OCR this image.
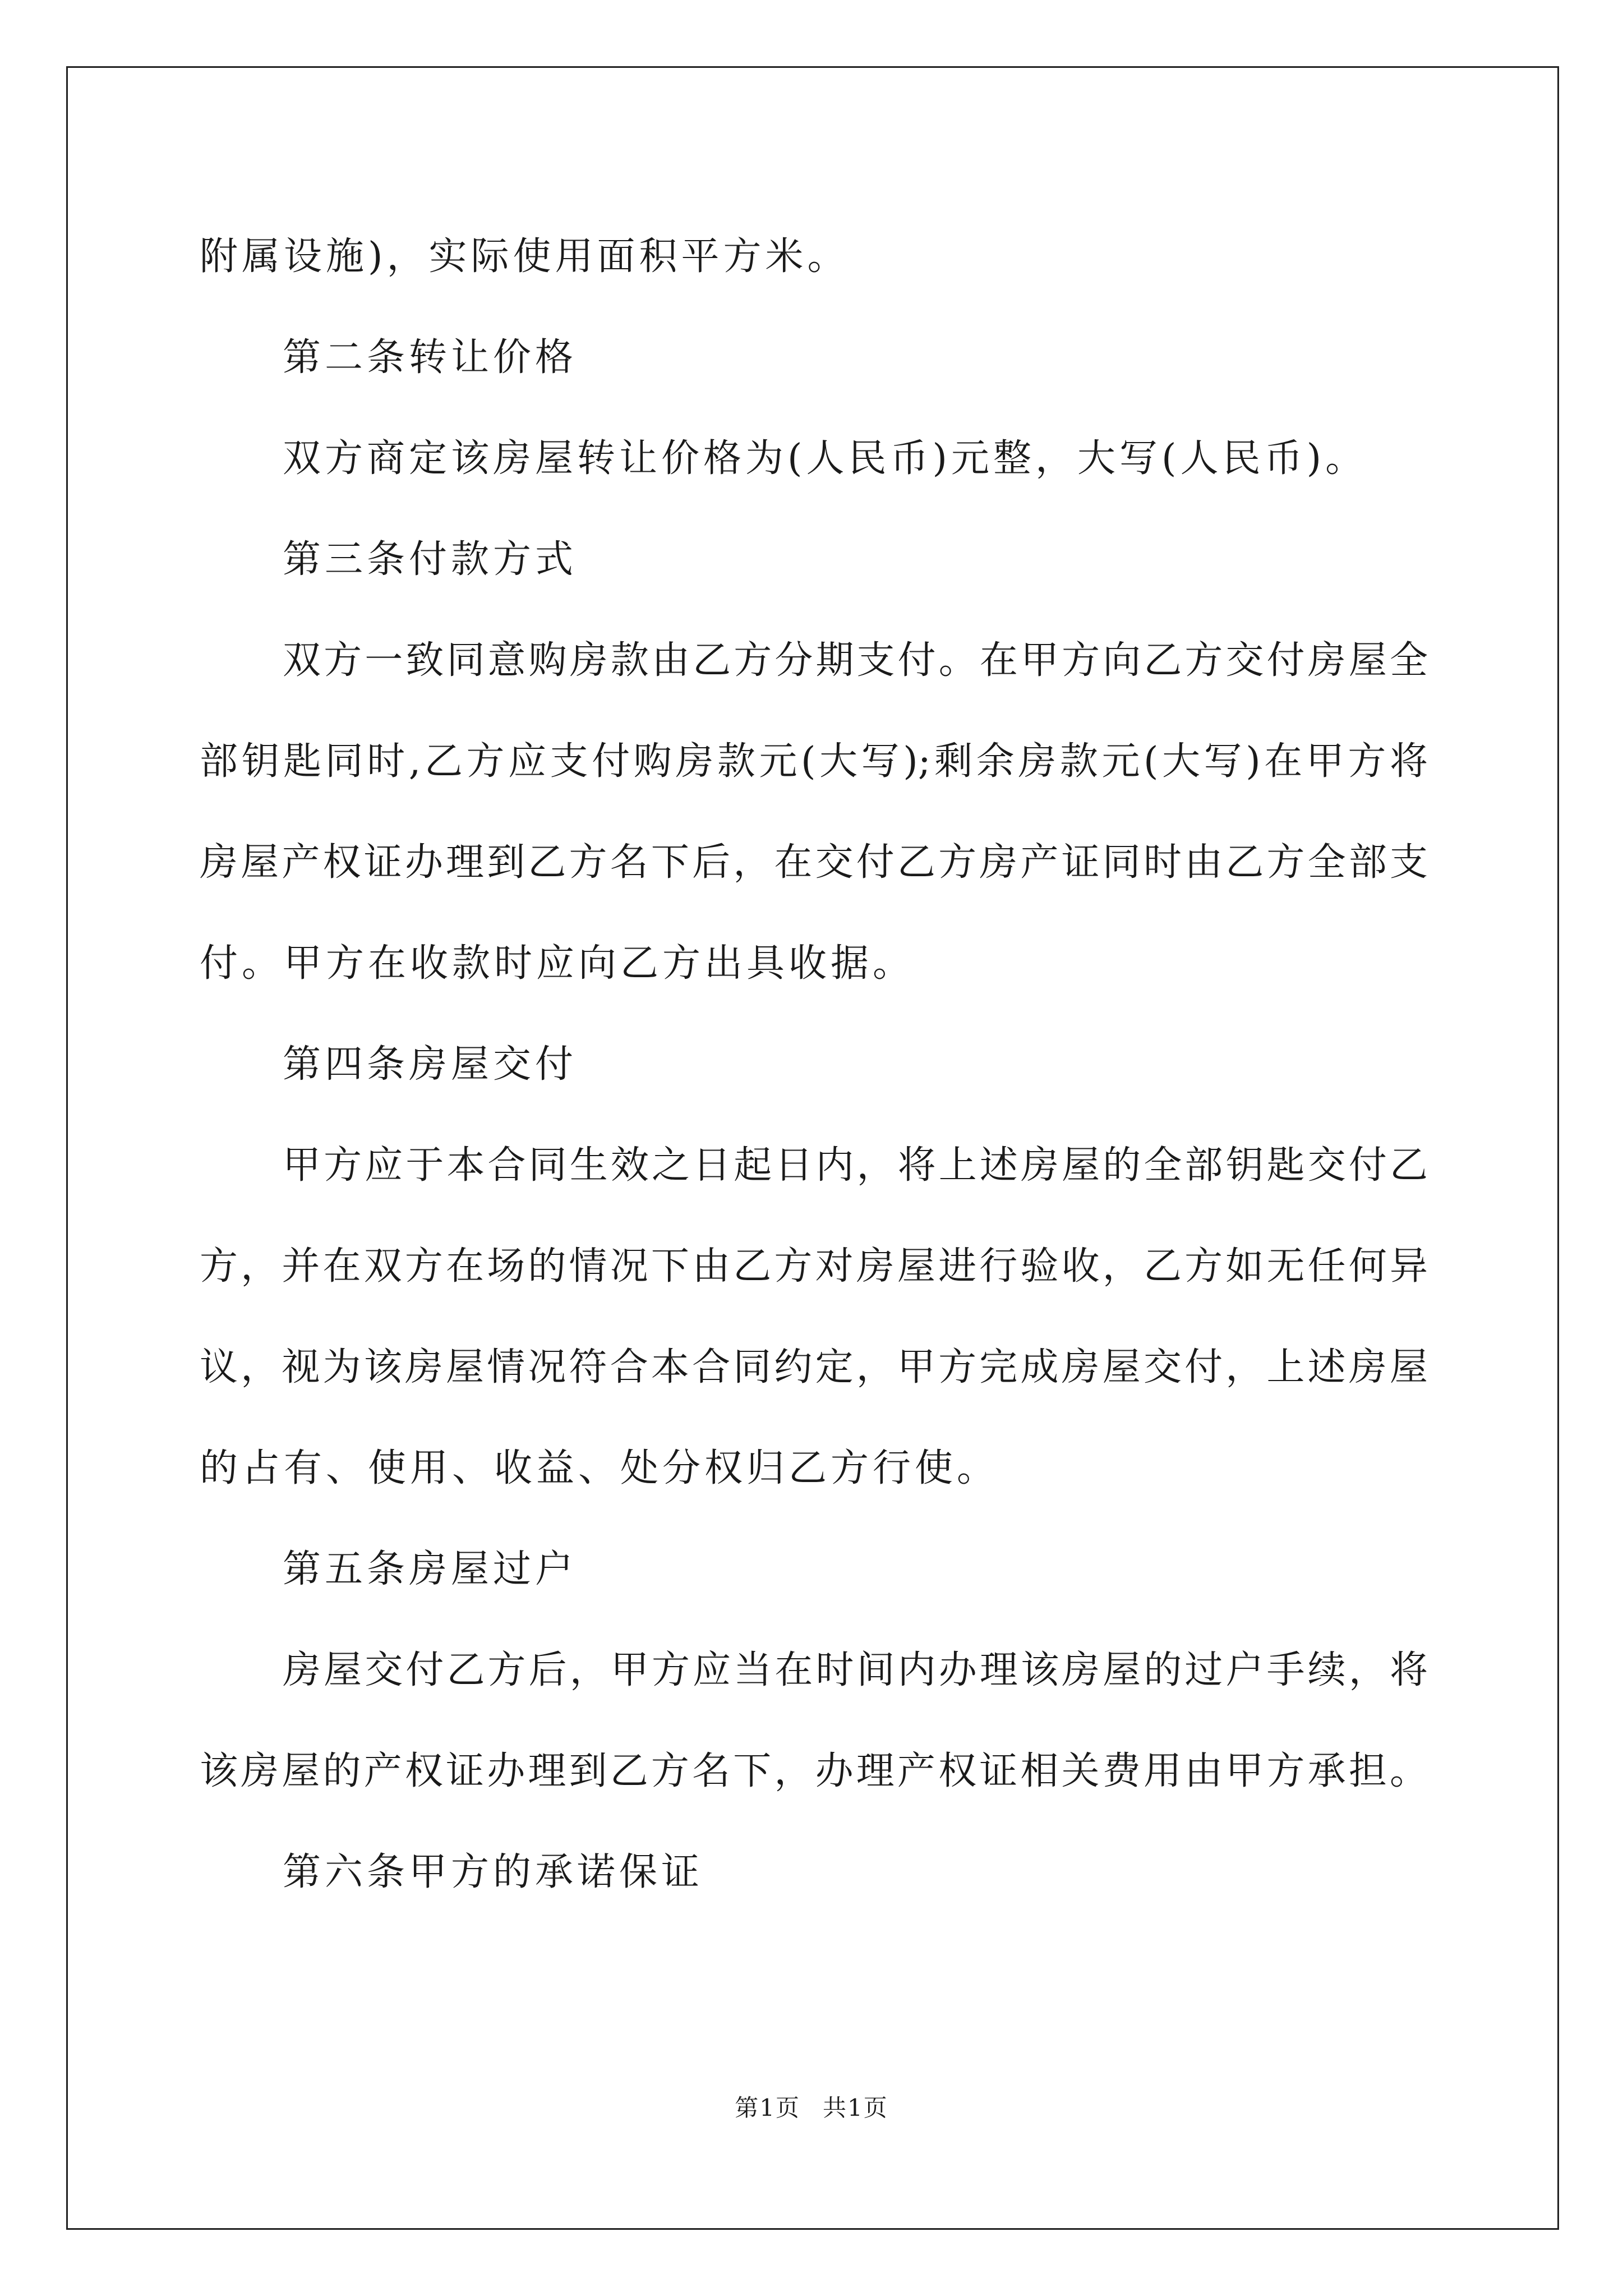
附属设施)，实际使用面积平方米。

第二条转让价格

双方商定该房屋转让价格为(人民币)元整，大写(人民币)。

第三条付款方式

双方一致同意购房款由乙方分期支付。在甲方向乙方交付房屋全

部钥匙同时,乙方应支付购房款元(大写);剩余房款元(大写)在甲方将

房屋产权证办理到乙方名下后，在交付乙方房产证同时由乙方全部支

付。甲方在收款时应向乙方出具收据。

第四条房屋交付

甲方应于本合同生效之日起日内，将上述房屋的全部钥匙交付乙

方，并在双方在场的情况下由乙方对房屋进行验收，乙方如无任何异

议，视为该房屋情况符合本合同约定，甲方完成房屋交付，上述房屋

的占有、使用、收益、处分权归乙方行使。

第五条房屋过户

房屋交付乙方后，甲方应当在时间内办理该房屋的过户手续，将

该房屋的产权证办理到乙方名下，办理产权证相关费用由甲方承担。

第六条甲方的承诺保证

第1页 共1页
